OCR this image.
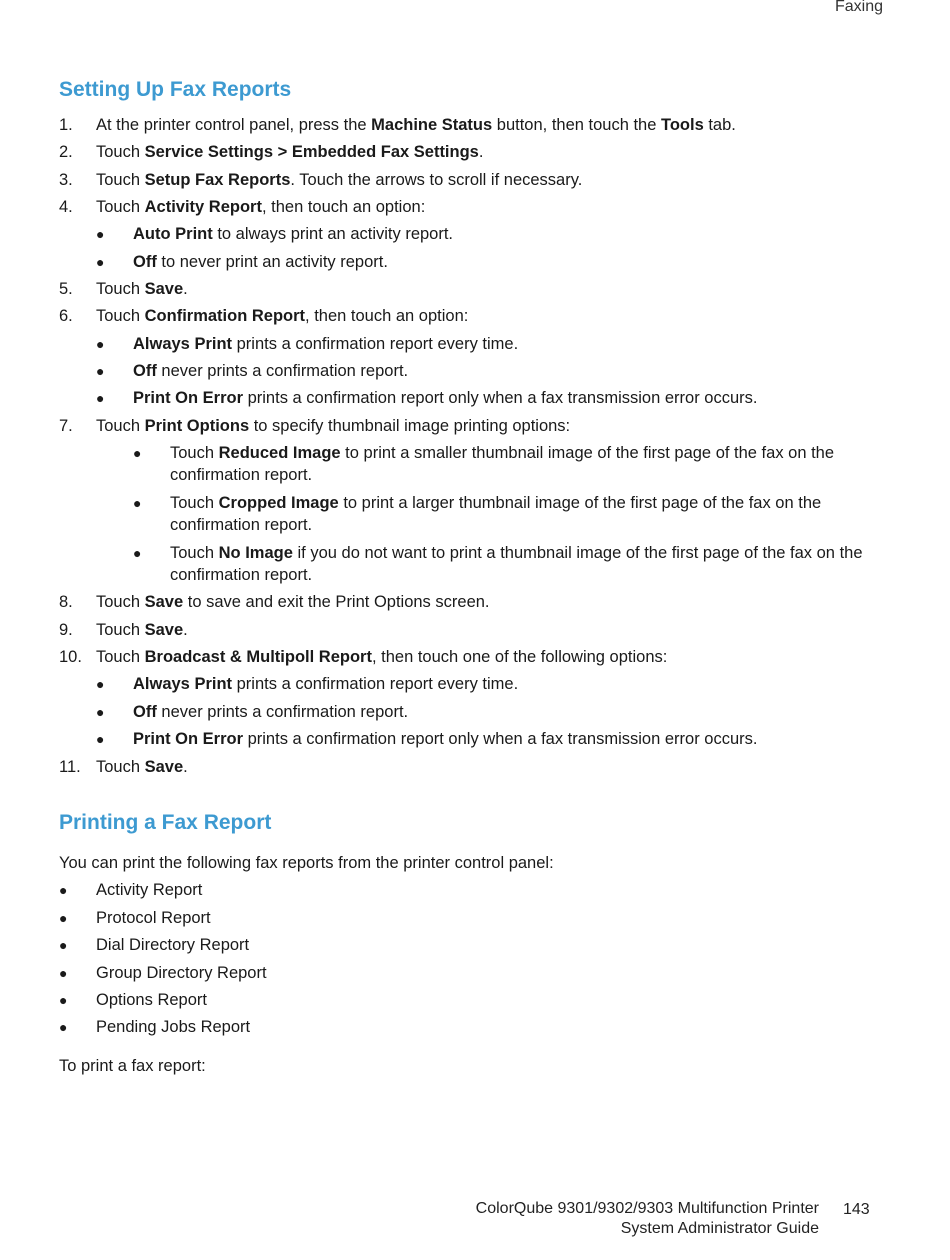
Faxing
Setting Up Fax Reports
1. At the printer control panel, press the Machine Status button, then touch the Tools tab.
2. Touch Service Settings > Embedded Fax Settings.
3. Touch Setup Fax Reports. Touch the arrows to scroll if necessary.
4. Touch Activity Report, then touch an option:
● Auto Print to always print an activity report.
● Off to never print an activity report.
5. Touch Save.
6. Touch Confirmation Report, then touch an option:
● Always Print prints a confirmation report every time.
● Off never prints a confirmation report.
● Print On Error prints a confirmation report only when a fax transmission error occurs.
7. Touch Print Options to specify thumbnail image printing options:
● Touch Reduced Image to print a smaller thumbnail image of the first page of the fax on the confirmation report.
● Touch Cropped Image to print a larger thumbnail image of the first page of the fax on the confirmation report.
● Touch No Image if you do not want to print a thumbnail image of the first page of the fax on the confirmation report.
8. Touch Save to save and exit the Print Options screen.
9. Touch Save.
10. Touch Broadcast & Multipoll Report, then touch one of the following options:
● Always Print prints a confirmation report every time.
● Off never prints a confirmation report.
● Print On Error prints a confirmation report only when a fax transmission error occurs.
11. Touch Save.
Printing a Fax Report
You can print the following fax reports from the printer control panel:
● Activity Report
● Protocol Report
● Dial Directory Report
● Group Directory Report
● Options Report
● Pending Jobs Report
To print a fax report:
ColorQube 9301/9302/9303 Multifunction Printer
System Administrator Guide
143
